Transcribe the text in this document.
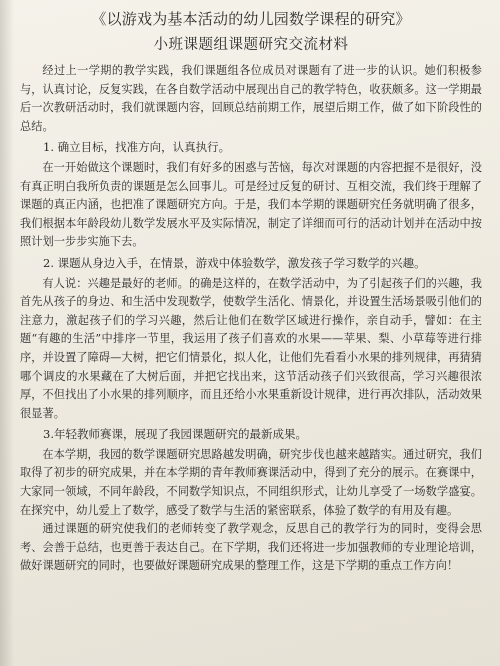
《以游戏为基本活动的幼儿园数学课程的研究》
小班课题组课题研究交流材料

经过上一学期的教学实践，我们课题组各位成员对课题有了进一步的认识。她们积极参与，认真讨论，反复实践，在各自数学活动中展现出自己的教学特色，收获颇多。这一学期最后一次教研活动时，我们就课题内容，回顾总结前期工作，展望后期工作，做了如下阶段性的总结。

1. 确立目标，找准方向，认真执行。

在一开始做这个课题时，我们有好多的困惑与苦恼，每次对课题的内容把握不是很好，没有真正明白我所负责的课题是怎么回事儿。可是经过反复的研讨、互相交流，我们终于理解了课题的真正内涵，也把准了课题研究方向。于是，我们本学期的课题研究任务就明确了很多，我们根据本年龄段幼儿数学发展水平及实际情况，制定了详细而可行的活动计划并在活动中按照计划一步步实施下去。

2. 课题从身边入手，在情景，游戏中体验数学，激发孩子学习数学的兴趣。

有人说：兴趣是最好的老师。的确是这样的，在数学活动中，为了引起孩子们的兴趣，我首先从孩子的身边、和生活中发现数学，使数学生活化、情景化，并设置生活场景吸引他们的注意力，激起孩子们的学习兴趣，然后让他们在数学区域进行操作，亲自动手，譬如：在主题“有趣的生活”中排序一节里，我运用了孩子们喜欢的水果——苹果、梨、小草莓等进行排序，并设置了障碍—大树，把它们情景化，拟人化，让他们先看看小水果的排列规律，再猜猜哪个调皮的水果藏在了大树后面，并把它找出来，这节活动孩子们兴致很高，学习兴趣很浓厚，不但找出了小水果的排列顺序，而且还给小水果重新设计规律，进行再次排队，活动效果很显著。

3.年轻教师赛课，展现了我园课题研究的最新成果。

在本学期，我园的数学课题研究思路越发明确，研究步伐也越来越踏实。通过研究，我们取得了初步的研究成果，并在本学期的青年教师赛课活动中，得到了充分的展示。在赛课中，大家同一领域，不同年龄段，不同数学知识点，不同组织形式，让幼儿享受了一场数学盛宴。在探究中，幼儿爱上了数学，感受了数学与生活的紧密联系，体验了数学的有用及有趣。

通过课题的研究使我们的老师转变了教学观念，反思自己的教学行为的同时，变得会思考、会善于总结，也更善于表达自己。在下学期，我们还将进一步加强教师的专业理论培训，做好课题研究的同时，也要做好课题研究成果的整理工作，这是下学期的重点工作方向！
